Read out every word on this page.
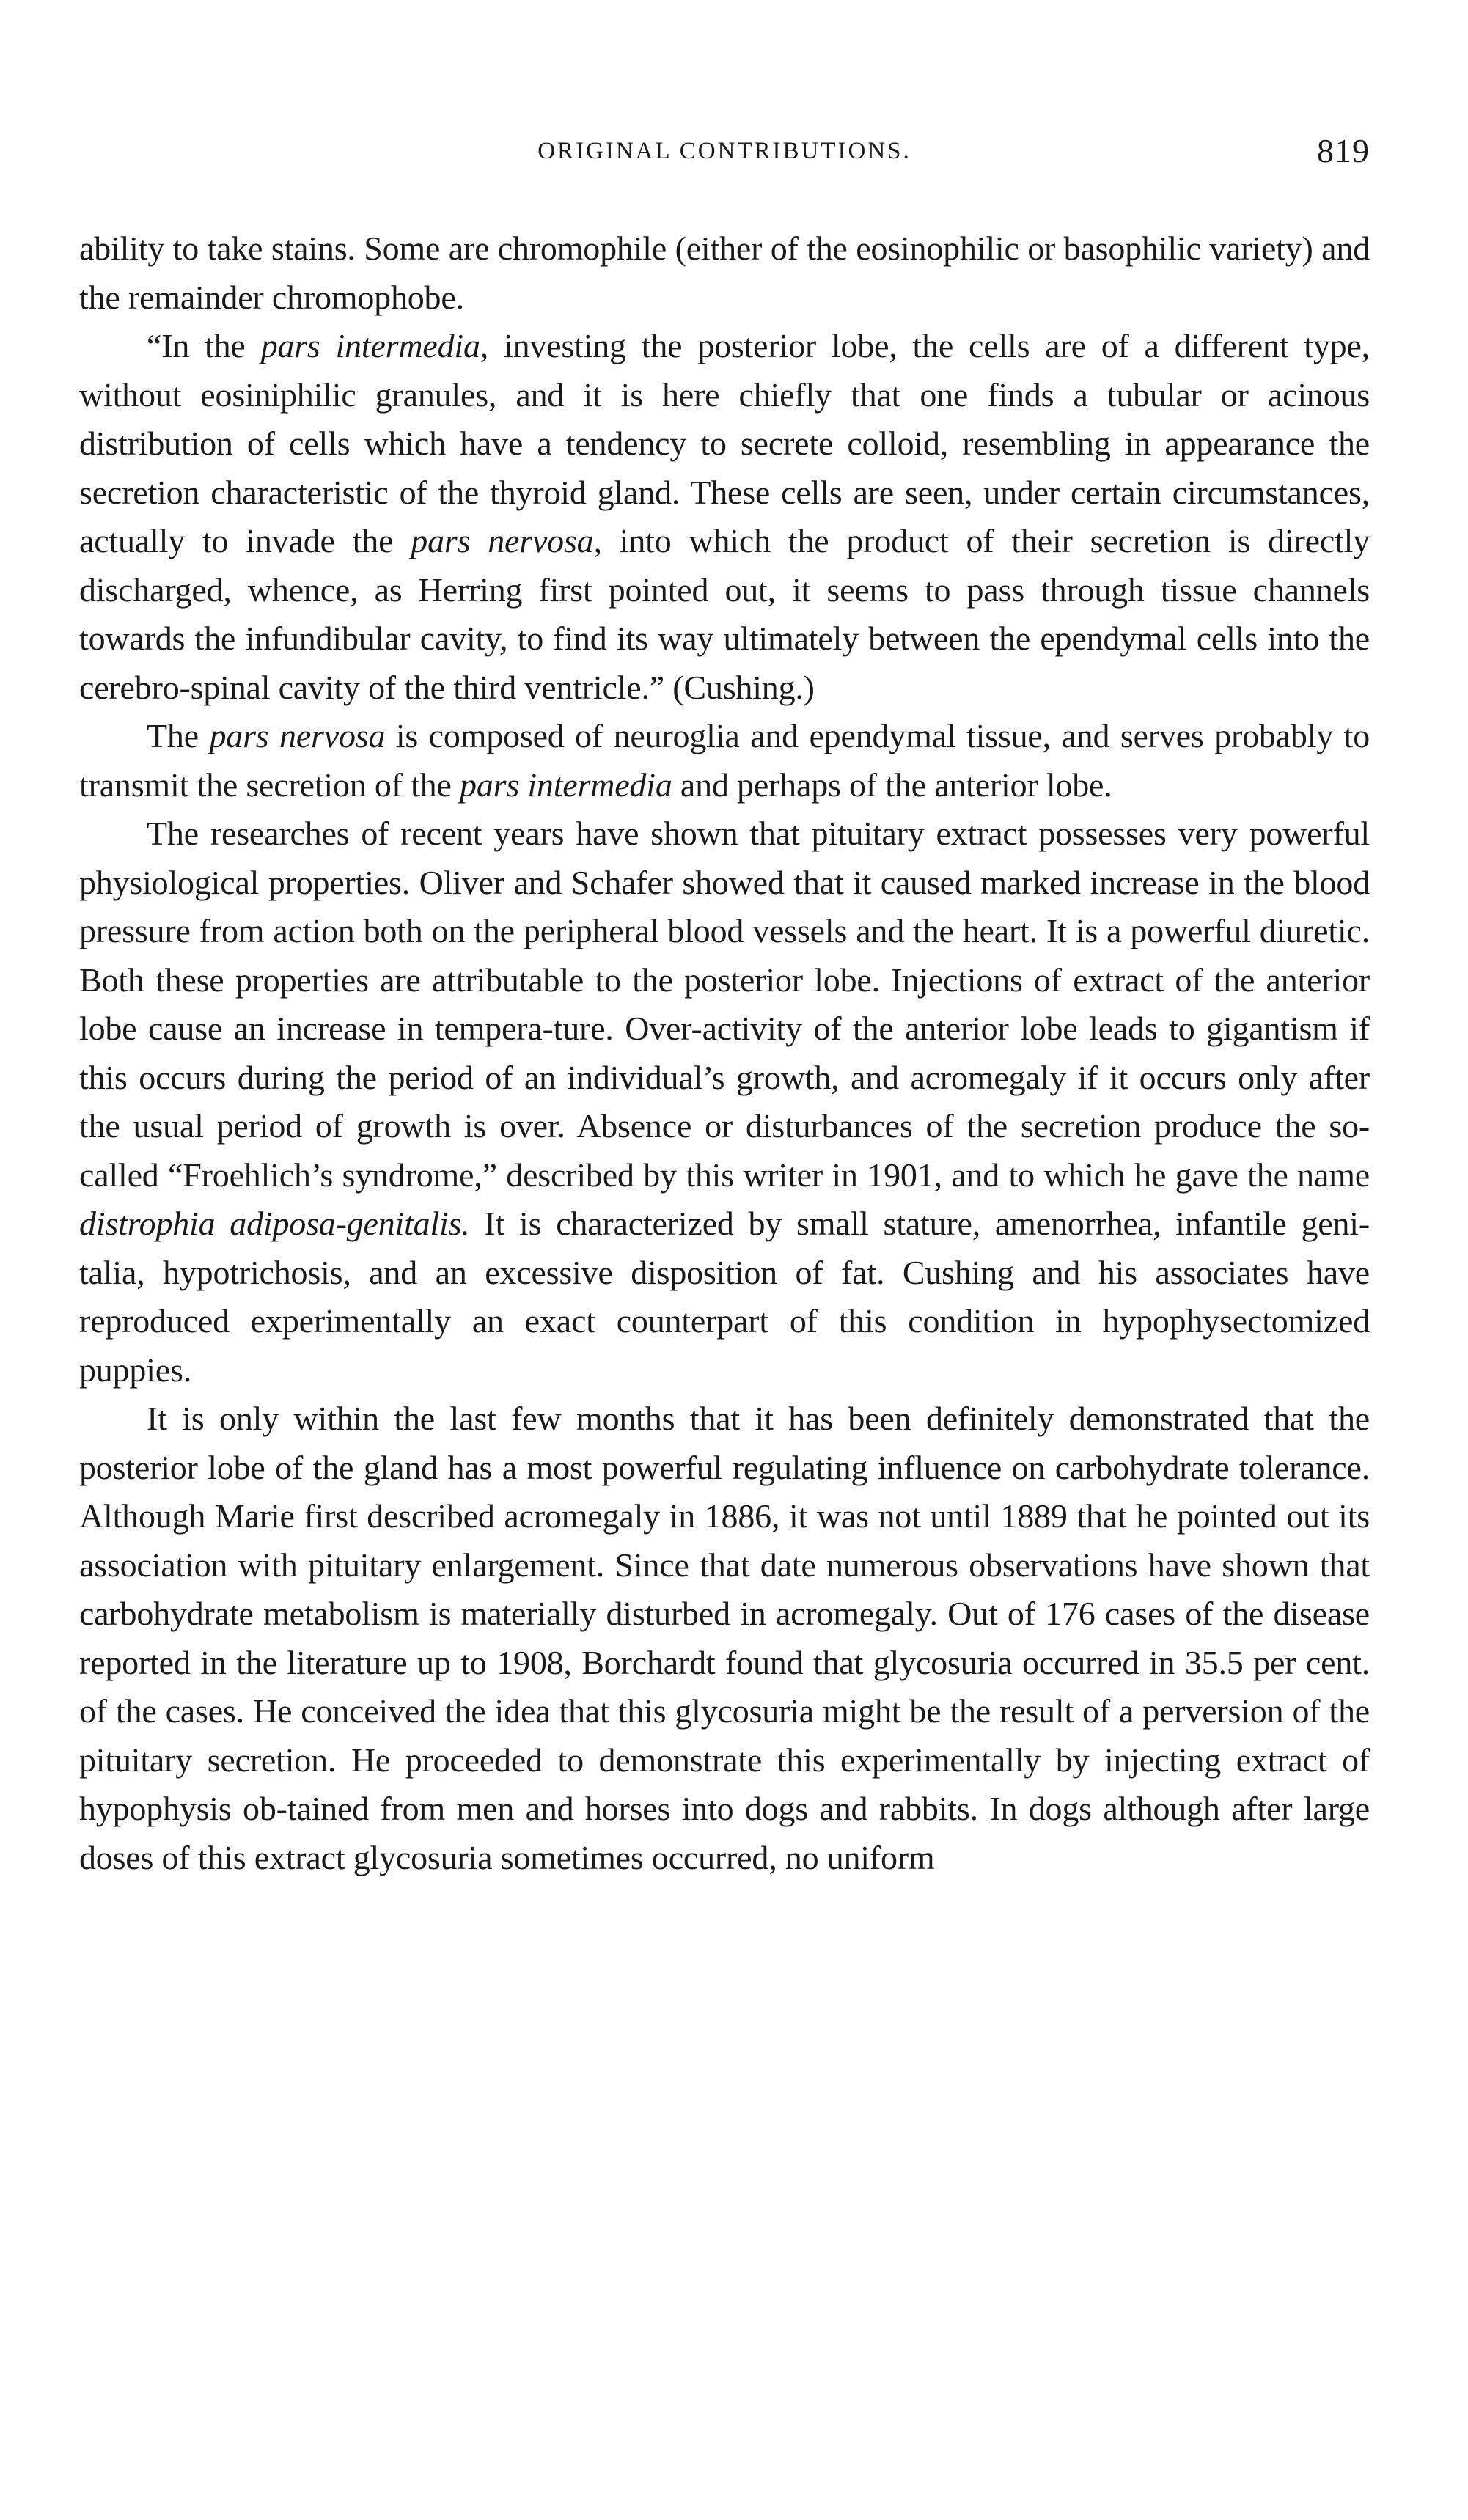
ORIGINAL CONTRIBUTIONS.	819

ability to take stains. Some are chromophile (either of the eosinophilic or basophilic variety) and the remainder chromophobe.

“In the pars intermedia, investing the posterior lobe, the cells are of a different type, without eosiniphilic granules, and it is here chiefly that one finds a tubular or acinous distribution of cells which have a tendency to secrete colloid, resembling in appearance the secretion characteristic of the thyroid gland. These cells are seen, under certain circumstances, actually to invade the pars nervosa, into which the product of their secretion is directly discharged, whence, as Herring first pointed out, it seems to pass through tissue channels towards the infundibular cavity, to find its way ultimately between the ependymal cells into the cerebro-spinal cavity of the third ventricle.” (Cushing.)

The pars nervosa is composed of neuroglia and ependymal tissue, and serves probably to transmit the secretion of the pars intermedia and perhaps of the anterior lobe.

The researches of recent years have shown that pituitary extract possesses very powerful physiological properties. Oliver and Schafer showed that it caused marked increase in the blood pressure from action both on the peripheral blood vessels and the heart. It is a powerful diuretic. Both these properties are attributable to the posterior lobe. Injections of extract of the anterior lobe cause an increase in tempera-ture. Over-activity of the anterior lobe leads to gigantism if this occurs during the period of an individual’s growth, and acromegaly if it occurs only after the usual period of growth is over. Absence or disturbances of the secretion produce the so-called “Froehlich’s syndrome,” described by this writer in 1901, and to which he gave the name distrophia adiposa-genitalis. It is characterized by small stature, amenorrhea, infantile geni-talia, hypotrichosis, and an excessive disposition of fat. Cushing and his associates have reproduced experimentally an exact counterpart of this condition in hypophysectomized puppies.

It is only within the last few months that it has been definitely demonstrated that the posterior lobe of the gland has a most powerful regulating influence on carbohydrate tolerance. Although Marie first described acromegaly in 1886, it was not until 1889 that he pointed out its association with pituitary enlargement. Since that date numerous observations have shown that carbohydrate metabolism is materially disturbed in acromegaly. Out of 176 cases of the disease reported in the literature up to 1908, Borchardt found that glycosuria occurred in 35.5 per cent. of the cases. He conceived the idea that this glycosuria might be the result of a perversion of the pituitary secretion. He proceeded to demonstrate this experimentally by injecting extract of hypophysis ob-tained from men and horses into dogs and rabbits. In dogs although after large doses of this extract glycosuria sometimes occurred, no uniform
